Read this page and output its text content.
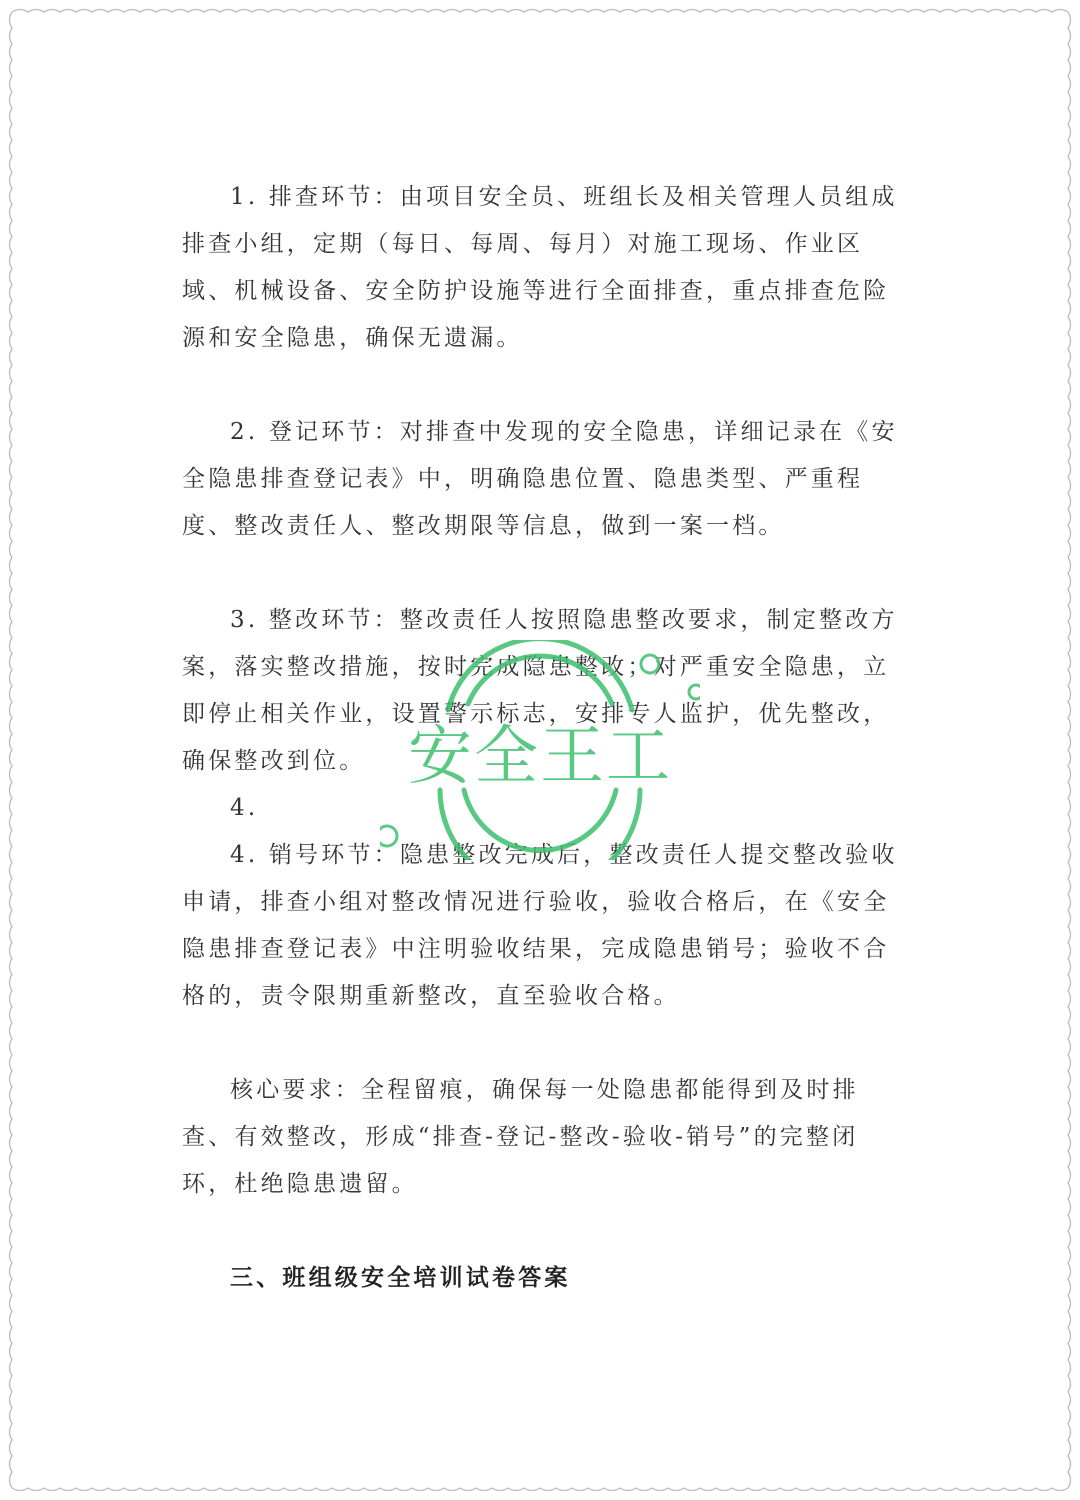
1. 排查环节：由项目安全员、班组长及相关管理人员组成排查小组，定期（每日、每周、每月）对施工现场、作业区域、机械设备、安全防护设施等进行全面排查，重点排查危险源和安全隐患，确保无遗漏。

2. 登记环节：对排查中发现的安全隐患，详细记录在《安全隐患排查登记表》中，明确隐患位置、隐患类型、严重程度、整改责任人、整改期限等信息，做到一案一档。

3. 整改环节：整改责任人按照隐患整改要求，制定整改方案，落实整改措施，按时完成隐患整改；对严重安全隐患，立即停止相关作业，设置警示标志，安排专人监护，优先整改，确保整改到位。

4.

4. 销号环节：隐患整改完成后，整改责任人提交整改验收申请，排查小组对整改情况进行验收，验收合格后，在《安全隐患排查登记表》中注明验收结果，完成隐患销号；验收不合格的，责令限期重新整改，直至验收合格。

核心要求：全程留痕，确保每一处隐患都能得到及时排查、有效整改，形成“排查-登记-整改-验收-销号”的完整闭环，杜绝隐患遗留。

三、班组级安全培训试卷答案

安全王工
